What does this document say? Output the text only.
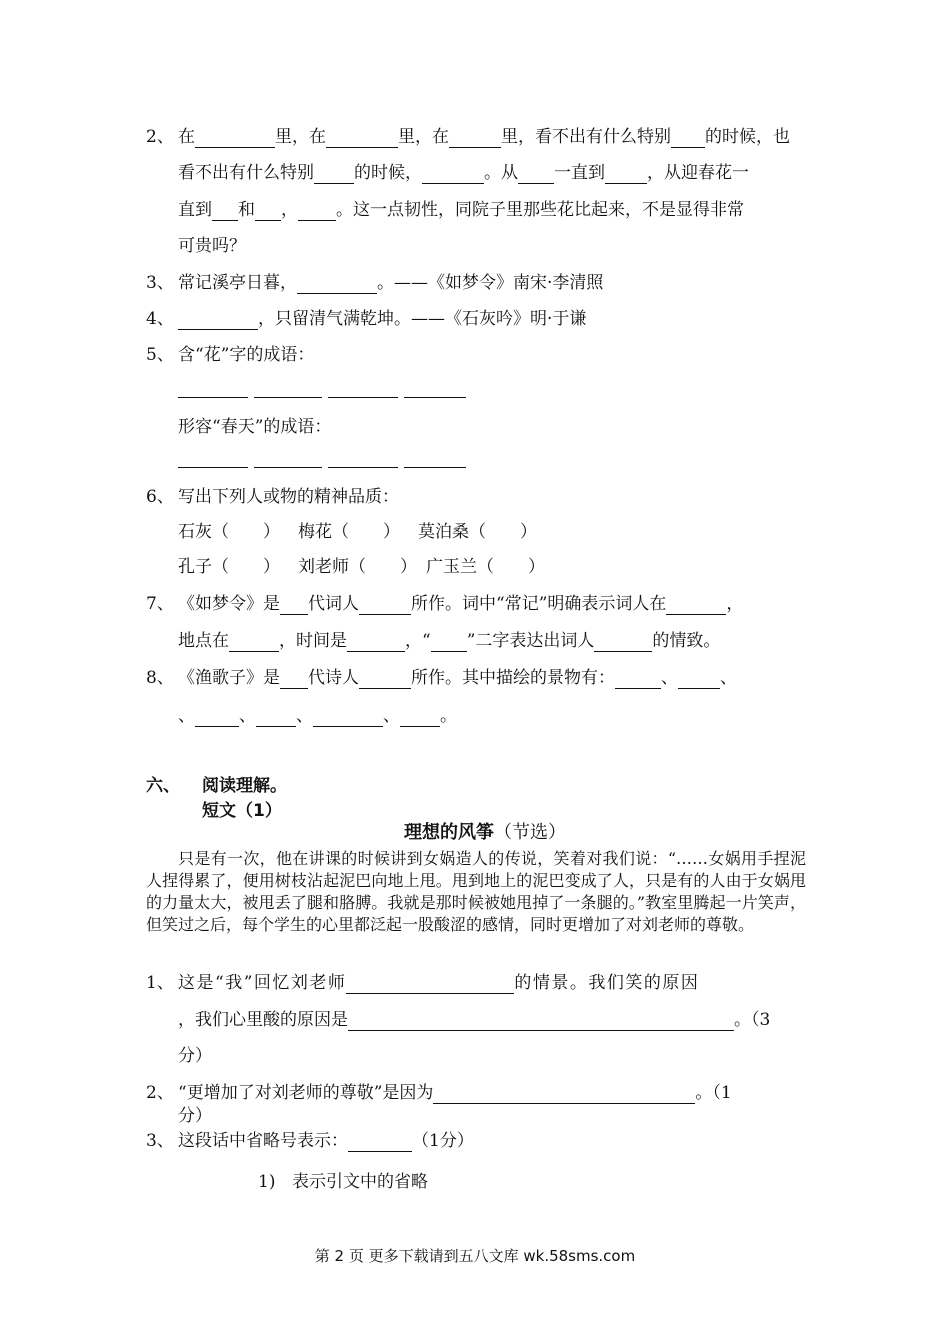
2、 在	里，在	里，在	里，看不出有什么特别 的时候，也
看不出有什么特别 的时候，	。从 一直到 ，从迎春花一
直到 和 ， 。这一点韧性，同院子里那些花比起来，不是显得非常
可贵吗？
3、 常记溪亭日暮，	。——《如梦令》南宋·李清照
4、	，只留清气满乾坤。——《石灰吟》明·于谦
5、 含“花”字的成语：
形容“春天”的成语：
6、 写出下列人或物的精神品质：
石灰（　　） 梅花（　　） 莫泊桑（　　）
孔子（　　） 刘老师（　　） 广玉兰（　　）
7、 《如梦令》是 代词人	所作。词中“常记”明确表示词人在	，
地点在	，时间是	，“ ”二字表达出词人	的情致。
8、 《渔歌子》是 代诗人	所作。其中描绘的景物有：	、 、
、	、 、	、 。
六、 阅读理解。
短文（1）
理想的风筝（节选）
只是有一次，他在讲课的时候讲到女娲造人的传说，笑着对我们说：“……女娲用手捏泥人捏得累了，便用树枝沾起泥巴向地上甩。甩到地上的泥巴变成了人，只是有的人由于女娲甩的力量太大，被甩丢了腿和胳膊。我就是那时候被她甩掉了一条腿的。”教室里腾起一片笑声，但笑过之后，每个学生的心里都泛起一股酸涩的感情，同时更增加了对刘老师的尊敬。
1、 这是“我”回忆刘老师	的情景。我们笑的原因
，我们心里酸的原因是	。（3
分）
2、 “更增加了对刘老师的尊敬”是因为	。（1
分）
3、 这段话中省略号表示：	（1分）
1) 表示引文中的省略
第 2 页 更多下载请到五八文库 wk.58sms.com
